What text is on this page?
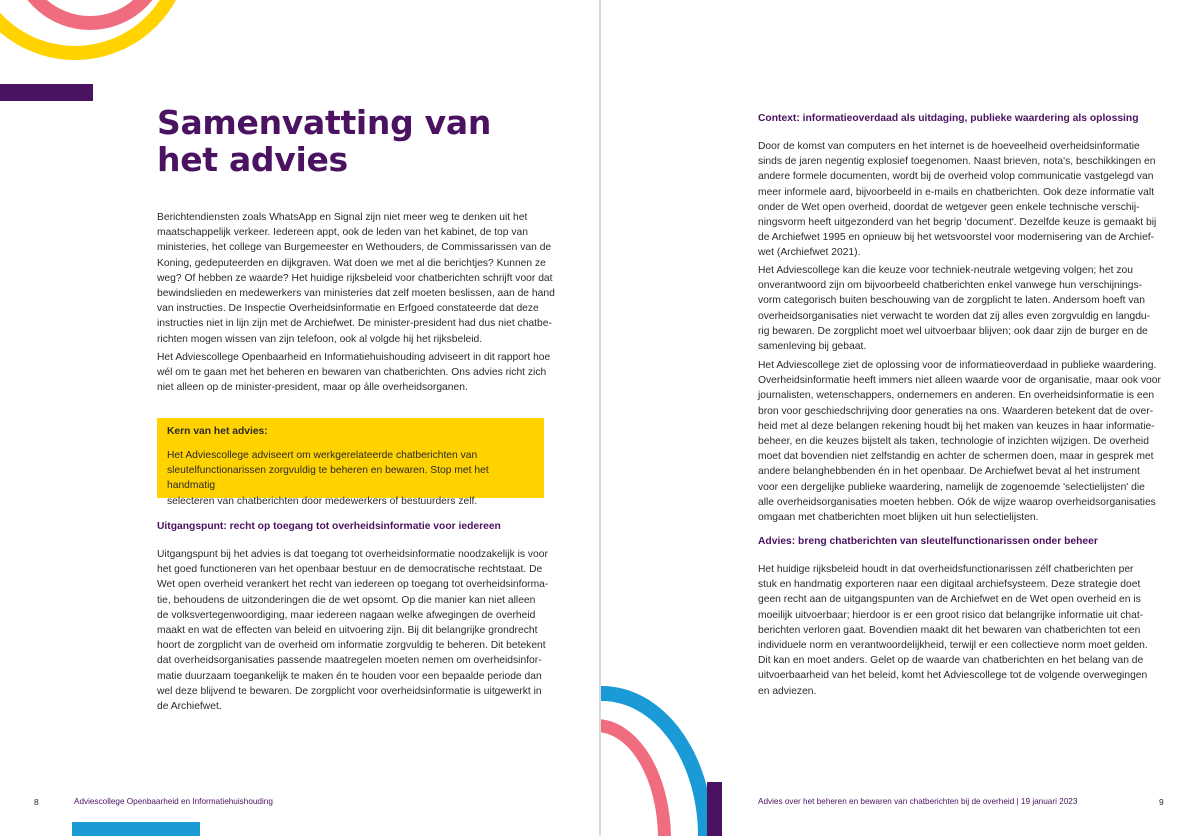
Samenvatting van
het advies
Berichtendiensten zoals WhatsApp en Signal zijn niet meer weg te denken uit het
maatschappelijk verkeer. Iedereen appt, ook de leden van het kabinet, de top van
ministeries, het college van Burgemeester en Wethouders, de Commissarissen van de
Koning, gedeputeerden en dijkgraven. Wat doen we met al die berichtjes? Kunnen ze
weg? Of hebben ze waarde? Het huidige rijksbeleid voor chatberichten schrijft voor dat
bewindslieden en medewerkers van ministeries dat zelf moeten beslissen, aan de hand
van instructies. De Inspectie Overheidsinformatie en Erfgoed constateerde dat deze
instructies niet in lijn zijn met de Archiefwet. De minister-president had dus niet chatbe-
richten mogen wissen van zijn telefoon, ook al volgde hij het rijksbeleid.
Het Adviescollege Openbaarheid en Informatiehuishouding adviseert in dit rapport hoe
wél om te gaan met het beheren en bewaren van chatberichten. Ons advies richt zich
niet alleen op de minister-president, maar op álle overheidsorganen.
Kern van het advies:
Het Adviescollege adviseert om werkgerelateerde chatberichten van
sleutelfunctionarissen zorgvuldig te beheren en bewaren. Stop met het handmatig
selecteren van chatberichten door medewerkers of bestuurders zelf.
Uitgangspunt: recht op toegang tot overheidsinformatie voor iedereen
Uitgangspunt bij het advies is dat toegang tot overheidsinformatie noodzakelijk is voor
het goed functioneren van het openbaar bestuur en de democratische rechtstaat. De
Wet open overheid verankert het recht van iedereen op toegang tot overheidsinforma-
tie, behoudens de uitzonderingen die de wet opsomt. Op die manier kan niet alleen
de volksvertegenwoordiging, maar iedereen nagaan welke afwegingen de overheid
maakt en wat de effecten van beleid en uitvoering zijn. Bij dit belangrijke grondrecht
hoort de zorgplicht van de overheid om informatie zorgvuldig te beheren. Dit betekent
dat overheidsorganisaties passende maatregelen moeten nemen om overheidsinfor-
matie duurzaam toegankelijk te maken én te houden voor een bepaalde periode dan
wel deze blijvend te bewaren. De zorgplicht voor overheidsinformatie is uitgewerkt in
de Archiefwet.
8	Adviescollege Openbaarheid en Informatiehuishouding
Context: informatieoverdaad als uitdaging, publieke waardering als oplossing
Door de komst van computers en het internet is de hoeveelheid overheidsinformatie
sinds de jaren negentig explosief toegenomen. Naast brieven, nota's, beschikkingen en
andere formele documenten, wordt bij de overheid volop communicatie vastgelegd van
meer informele aard, bijvoorbeeld in e-mails en chatberichten. Ook deze informatie valt
onder de Wet open overheid, doordat de wetgever geen enkele technische verschij-
ningsvorm heeft uitgezonderd van het begrip 'document'. Dezelfde keuze is gemaakt bij
de Archiefwet 1995 en opnieuw bij het wetsvoorstel voor modernisering van de Archief-
wet (Archiefwet 2021).
Het Adviescollege kan die keuze voor techniek-neutrale wetgeving volgen; het zou
onverantwoord zijn om bijvoorbeeld chatberichten enkel vanwege hun verschijnings-
vorm categorisch buiten beschouwing van de zorgplicht te laten. Andersom hoeft van
overheidsorganisaties niet verwacht te worden dat zij alles even zorgvuldig en langdu-
rig bewaren. De zorgplicht moet wel uitvoerbaar blijven; ook daar zijn de burger en de
samenleving bij gebaat.
Het Adviescollege ziet de oplossing voor de informatieoverdaad in publieke waardering.
Overheidsinformatie heeft immers niet alleen waarde voor de organisatie, maar ook voor
journalisten, wetenschappers, ondernemers en anderen. En overheidsinformatie is een
bron voor geschiedschrijving door generaties na ons. Waarderen betekent dat de over-
heid met al deze belangen rekening houdt bij het maken van keuzes in haar informatie-
beheer, en die keuzes bijstelt als taken, technologie of inzichten wijzigen. De overheid
moet dat bovendien niet zelfstandig en achter de schermen doen, maar in gesprek met
andere belanghebbenden én in het openbaar. De Archiefwet bevat al het instrument
voor een dergelijke publieke waardering, namelijk de zogenoemde 'selectielijsten' die
alle overheidsorganisaties moeten hebben. Oók de wijze waarop overheidsorganisaties
omgaan met chatberichten moet blijken uit hun selectielijsten.
Advies: breng chatberichten van sleutelfunctionarissen onder beheer
Het huidige rijksbeleid houdt in dat overheidsfunctionarissen zélf chatberichten per
stuk en handmatig exporteren naar een digitaal archiefsysteem. Deze strategie doet
geen recht aan de uitgangspunten van de Archiefwet en de Wet open overheid en is
moeilijk uitvoerbaar; hierdoor is er een groot risico dat belangrijke informatie uit chat-
berichten verloren gaat. Bovendien maakt dit het bewaren van chatberichten tot een
individuele norm en verantwoordelijkheid, terwijl er een collectieve norm moet gelden.
Dit kan en moet anders. Gelet op de waarde van chatberichten en het belang van de
uitvoerbaarheid van het beleid, komt het Adviescollege tot de volgende overwegingen
en adviezen.
Advies over het beheren en bewaren van chatberichten bij de overheid | 19 januari 2023	9
